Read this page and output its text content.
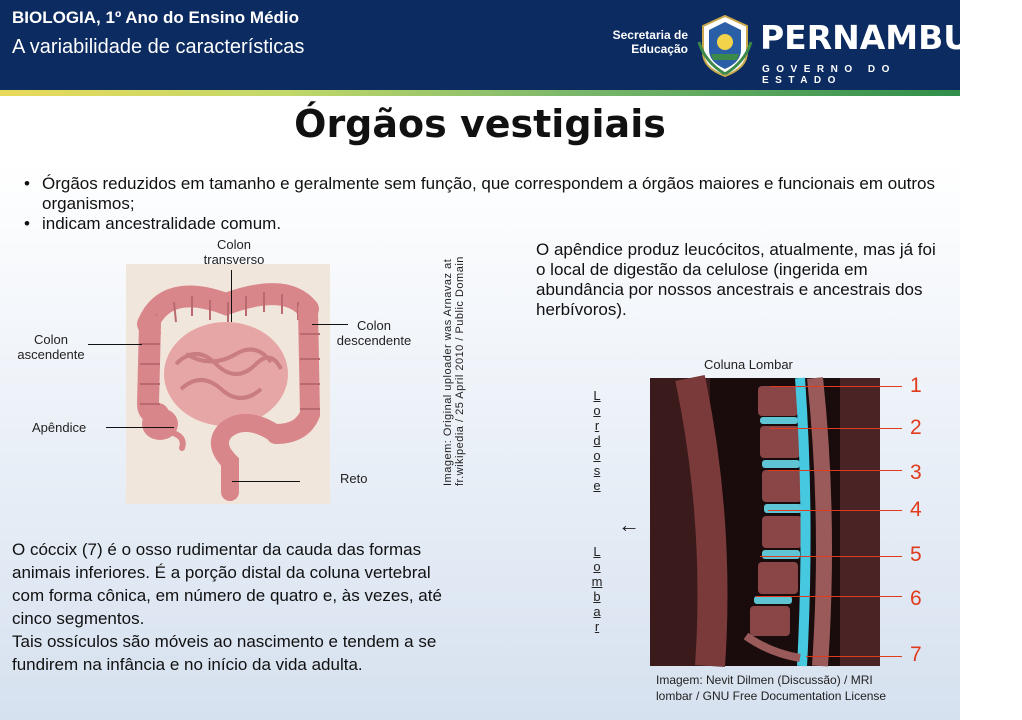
BIOLOGIA, 1º Ano do Ensino Médio
A variabilidade de características
Secretaria de
Educação PERNAMBUCO
GOVERNO DO ESTADO
Órgãos vestigiais
• Órgãos reduzidos em tamanho e geralmente sem função, que correspondem a órgãos maiores e funcionais em outros organismos;
• indicam ancestralidade comum.
Colon
transverso
Colon
ascendente
Colon
descendente
Apêndice
Reto	Imagem: Original uploader was Arnavaz at fr.wikipedia / 25 April 2010 / Public Domain
O apêndice produz leucócitos, atualmente, mas já foi o local de digestão da celulose (ingerida em abundância por nossos ancestrais e ancestrais dos herbívoros).
Coluna Lombar
1
2
3
4
5
6
7
L
o
r
d
o
s
e
L
o
m
b
a
r
←
Imagem: Nevit Dilmen (Discussão) / MRI
lombar / GNU Free Documentation License
O cóccix (7) é o osso rudimentar da cauda das formas
animais inferiores. É a porção distal da coluna vertebral
com forma cônica, em número de quatro e, às vezes, até
cinco segmentos.
Tais ossículos são móveis ao nascimento e tendem a se
fundirem na infância e no início da vida adulta.
